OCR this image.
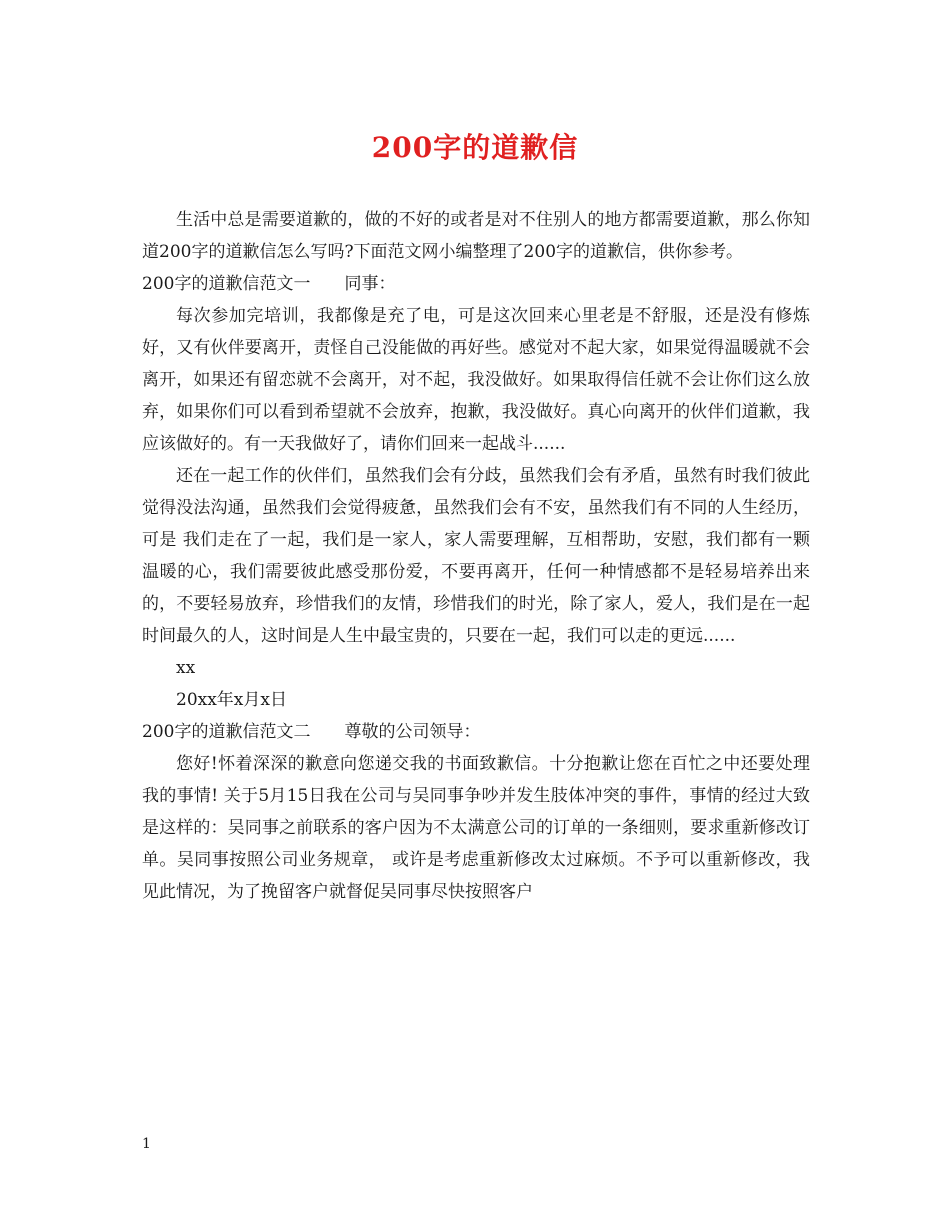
200字的道歉信

生活中总是需要道歉的，做的不好的或者是对不住别人的地方都需要道歉，那么你知道200字的道歉信怎么写吗?下面范文网小编整理了200字的道歉信，供你参考。

200字的道歉信范文一　　同事：

每次参加完培训，我都像是充了电，可是这次回来心里老是不舒服，还是没有修炼好，又有伙伴要离开，责怪自己没能做的再好些。感觉对不起大家，如果觉得温暖就不会离开，如果还有留恋就不会离开，对不起，我没做好。如果取得信任就不会让你们这么放弃，如果你们可以看到希望就不会放弃，抱歉，我没做好。真心向离开的伙伴们道歉，我应该做好的。有一天我做好了，请你们回来一起战斗......

还在一起工作的伙伴们，虽然我们会有分歧，虽然我们会有矛盾，虽然有时我们彼此觉得没法沟通，虽然我们会觉得疲惫，虽然我们会有不安，虽然我们有不同的人生经历，可是 我们走在了一起，我们是一家人，家人需要理解，互相帮助，安慰，我们都有一颗温暖的心，我们需要彼此感受那份爱，不要再离开，任何一种情感都不是轻易培养出来的，不要轻易放弃，珍惜我们的友情，珍惜我们的时光，除了家人，爱人，我们是在一起时间最久的人，这时间是人生中最宝贵的，只要在一起，我们可以走的更远......

xx

20xx年x月x日

200字的道歉信范文二　　尊敬的公司领导：

您好!怀着深深的歉意向您递交我的书面致歉信。十分抱歉让您在百忙之中还要处理我的事情! 关于5月15日我在公司与吴同事争吵并发生肢体冲突的事件，事情的经过大致是这样的：吴同事之前联系的客户因为不太满意公司的订单的一条细则，要求重新修改订单。吴同事按照公司业务规章， 或许是考虑重新修改太过麻烦。不予可以重新修改，我见此情况，为了挽留客户就督促吴同事尽快按照客户

1
